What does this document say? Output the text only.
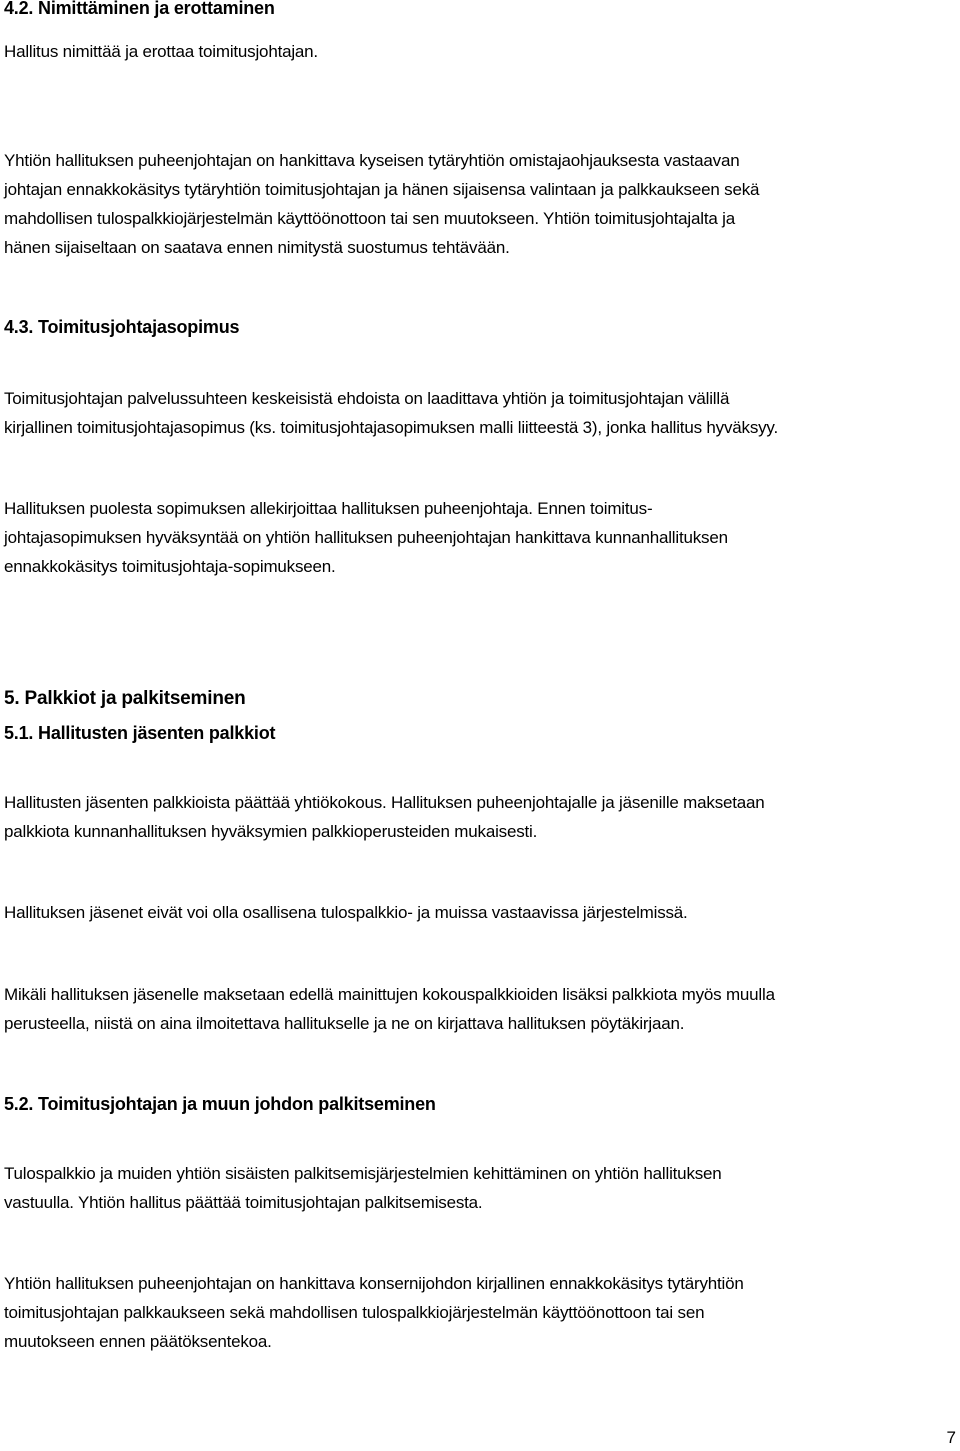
4.2. Nimittäminen ja erottaminen

Hallitus nimittää ja erottaa toimitusjohtajan.

Yhtiön hallituksen puheenjohtajan on hankittava kyseisen tytäryhtiön omistajaohjauksesta vastaavan
johtajan ennakkokäsitys tytäryhtiön toimitusjohtajan ja hänen sijaisensa valintaan ja palkkaukseen sekä
mahdollisen tulospalkkiojärjestelmän käyttöönottoon tai sen muutokseen. Yhtiön toimitusjohtajalta ja
hänen sijaiseltaan on saatava ennen nimitystä suostumus tehtävään.

4.3. Toimitusjohtajasopimus

Toimitusjohtajan palvelussuhteen keskeisistä ehdoista on laadittava yhtiön ja toimitusjohtajan välillä
kirjallinen toimitusjohtajasopimus (ks. toimitusjohtajasopimuksen malli liitteestä 3), jonka hallitus hyväksyy.

Hallituksen puolesta sopimuksen allekirjoittaa hallituksen puheenjohtaja. Ennen toimitus-
johtajasopimuksen hyväksyntää on yhtiön hallituksen puheenjohtajan hankittava kunnanhallituksen
ennakkokäsitys toimitusjohtaja-sopimukseen.

5. Palkkiot ja palkitseminen
5.1. Hallitusten jäsenten palkkiot

Hallitusten jäsenten palkkioista päättää yhtiökokous. Hallituksen puheenjohtajalle ja jäsenille maksetaan
palkkiota kunnanhallituksen hyväksymien palkkioperusteiden mukaisesti.

Hallituksen jäsenet eivät voi olla osallisena tulospalkkio- ja muissa vastaavissa järjestelmissä.

Mikäli hallituksen jäsenelle maksetaan edellä mainittujen kokouspalkkioiden lisäksi palkkiota myös muulla
perusteella, niistä on aina ilmoitettava hallitukselle ja ne on kirjattava hallituksen pöytäkirjaan.

5.2. Toimitusjohtajan ja muun johdon palkitseminen

Tulospalkkio ja muiden yhtiön sisäisten palkitsemisjärjestelmien kehittäminen on yhtiön hallituksen
vastuulla. Yhtiön hallitus päättää toimitusjohtajan palkitsemisesta.

Yhtiön hallituksen puheenjohtajan on hankittava konsernijohdon kirjallinen ennakkokäsitys tytäryhtiön
toimitusjohtajan palkkaukseen sekä mahdollisen tulospalkkiojärjestelmän käyttöönottoon tai sen
muutokseen ennen päätöksentekoa.

7
